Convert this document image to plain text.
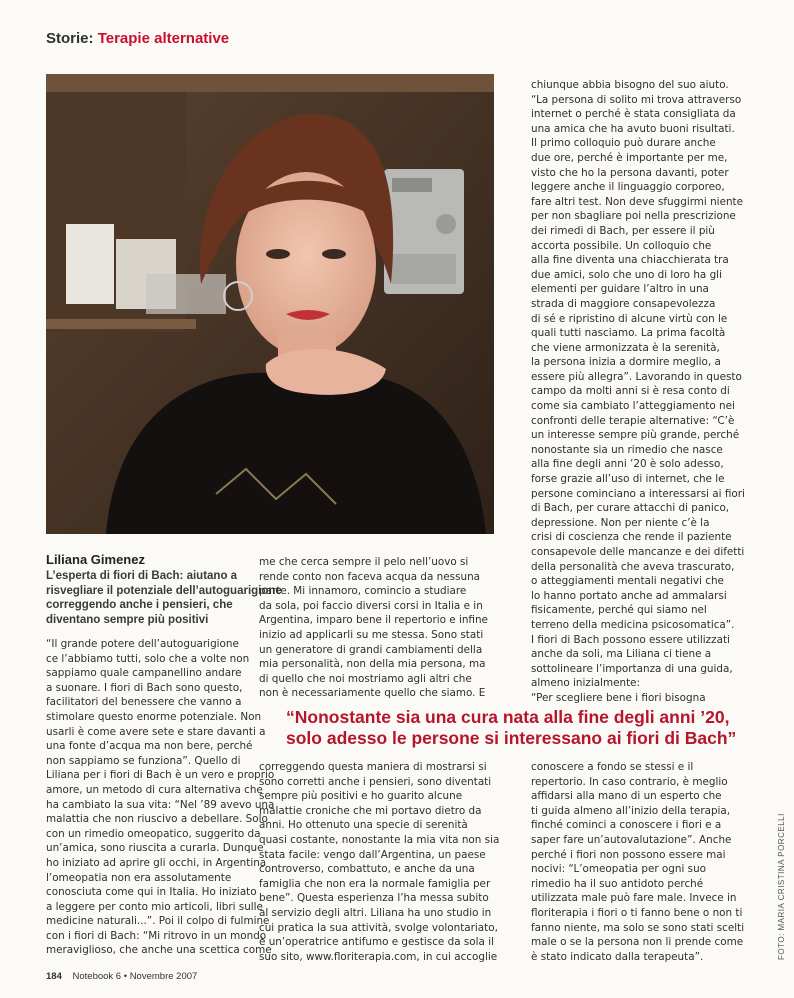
Storie: Terapie alternative
Liliana Gimenez
L’esperta di fiori di Bach: aiutano a risvegliare il potenziale dell’autoguarigione correggendo anche i pensieri, che diventano sempre più positivi
“Il grande potere dell’autoguarigione
ce l’abbiamo tutti, solo che a volte non
sappiamo quale campanellino andare
a suonare. I fiori di Bach sono questo,
facilitatori del benessere che vanno a
stimolare questo enorme potenziale. Non
usarli è come avere sete e stare davanti a
una fonte d’acqua ma non bere, perché
non sappiamo se funziona”. Quello di
Liliana per i fiori di Bach è un vero e proprio
amore, un metodo di cura alternativa che
ha cambiato la sua vita: “Nel ’89 avevo una
malattia che non riuscivo a debellare. Solo
con un rimedio omeopatico, suggerito da
un’amica, sono riuscita a curarla. Dunque
ho iniziato ad aprire gli occhi, in Argentina
l’omeopatia non era assolutamente
conosciuta come qui in Italia. Ho iniziato
a leggere per conto mio articoli, libri sulle
medicine naturali...”. Poi il colpo di fulmine
con i fiori di Bach: “Mi ritrovo in un mondo
meraviglioso, che anche una scettica come
me che cerca sempre il pelo nell’uovo si
rende conto non faceva acqua da nessuna
parte. Mi innamoro, comincio a studiare
da sola, poi faccio diversi corsi in Italia e in
Argentina, imparo bene il repertorio e infine
inizio ad applicarli su me stessa. Sono stati
un generatore di grandi cambiamenti della
mia personalità, non della mia persona, ma
di quello che noi mostriamo agli altri che
non è necessariamente quello che siamo. E
chiunque abbia bisogno del suo aiuto.
“La persona di solito mi trova attraverso
internet o perché è stata consigliata da
una amica che ha avuto buoni risultati.
Il primo colloquio può durare anche
due ore, perché è importante per me,
visto che ho la persona davanti, poter
leggere anche il linguaggio corporeo,
fare altri test. Non deve sfuggirmi niente
per non sbagliare poi nella prescrizione
dei rimedi di Bach, per essere il più
accorta possibile. Un colloquio che
alla fine diventa una chiacchierata tra
due amici, solo che uno di loro ha gli
elementi per guidare l’altro in una
strada di maggiore consapevolezza
di sé e ripristino di alcune virtù con le
quali tutti nasciamo. La prima facoltà
che viene armonizzata è la serenità,
la persona inizia a dormire meglio, a
essere più allegra”. Lavorando in questo
campo da molti anni si è resa conto di
come sia cambiato l’atteggiamento nei
confronti delle terapie alternative: “C’è
un interesse sempre più grande, perché
nonostante sia un rimedio che nasce
alla fine degli anni ’20 è solo adesso,
forse grazie all’uso di internet, che le
persone cominciano a interessarsi ai fiori
di Bach, per curare attacchi di panico,
depressione. Non per niente c’è la
crisi di coscienza che rende il paziente
consapevole delle mancanze e dei difetti
della personalità che aveva trascurato,
o atteggiamenti mentali negativi che
lo hanno portato anche ad ammalarsi
fisicamente, perché qui siamo nel
terreno della medicina psicosomatica”.
I fiori di Bach possono essere utilizzati
anche da soli, ma Liliana ci tiene a
sottolineare l’importanza di una guida,
almeno inizialmente:
“Per scegliere bene i fiori bisogna
“Nonostante sia una cura nata alla fine degli anni ’20, solo adesso le persone si interessano ai fiori di Bach”
correggendo questa maniera di mostrarsi si
sono corretti anche i pensieri, sono diventati
sempre più positivi e ho guarito alcune
malattie croniche che mi portavo dietro da
anni. Ho ottenuto una specie di serenità
quasi costante, nonostante la mia vita non sia
stata facile: vengo dall’Argentina, un paese
controverso, combattuto, e anche da una
famiglia che non era la normale famiglia per
bene”. Questa esperienza l’ha messa subito
al servizio degli altri. Liliana ha uno studio in
cui pratica la sua attività, svolge volontariato,
è un’operatrice antifumo e gestisce da sola il
suo sito, www.floriterapia.com, in cui accoglie
conoscere a fondo se stessi e il
repertorio. In caso contrario, è meglio
affidarsi alla mano di un esperto che
ti guida almeno all’inizio della terapia,
finché cominci a conoscere i fiori e a
saper fare un’autovalutazione”. Anche
perché i fiori non possono essere mai
nocivi: “L’omeopatia per ogni suo
rimedio ha il suo antidoto perché
utilizzata male può fare male. Invece in
floriterapia i fiori o ti fanno bene o non ti
fanno niente, ma solo se sono stati scelti
male o se la persona non li prende come
è stato indicato dalla terapeuta”.	FOTO: MARIA CRISTINA PORCELLI
184 Notebook 6 • Novembre 2007
